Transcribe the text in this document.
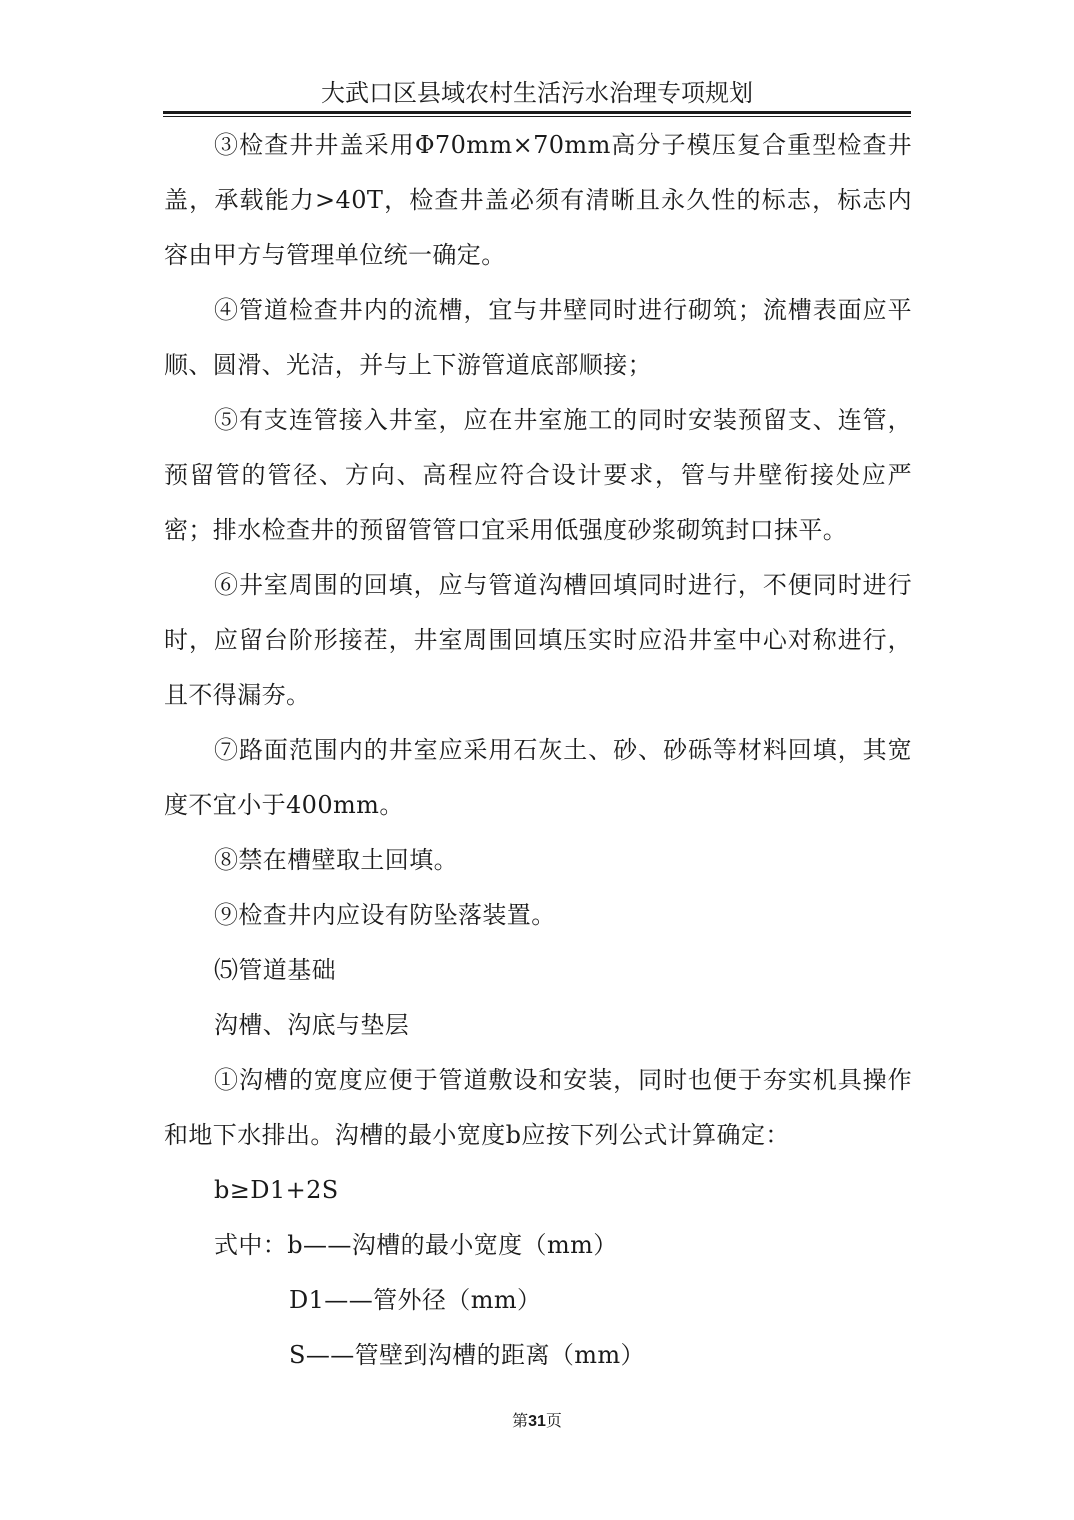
大武口区县域农村生活污水治理专项规划

③检查井井盖采用Φ70mm×70mm高分子模压复合重型检查井盖，承载能力>40T，检查井盖必须有清晰且永久性的标志，标志内容由甲方与管理单位统一确定。

④管道检查井内的流槽，宜与井壁同时进行砌筑；流槽表面应平顺、圆滑、光洁，并与上下游管道底部顺接；

⑤有支连管接入井室，应在井室施工的同时安装预留支、连管，预留管的管径、方向、高程应符合设计要求，管与井壁衔接处应严密；排水检查井的预留管管口宜采用低强度砂浆砌筑封口抹平。

⑥井室周围的回填，应与管道沟槽回填同时进行，不便同时进行时，应留台阶形接茬，井室周围回填压实时应沿井室中心对称进行，且不得漏夯。

⑦路面范围内的井室应采用石灰土、砂、砂砾等材料回填，其宽度不宜小于400mm。

⑧禁在槽壁取土回填。

⑨检查井内应设有防坠落装置。

⑸管道基础

沟槽、沟底与垫层

①沟槽的宽度应便于管道敷设和安装，同时也便于夯实机具操作和地下水排出。沟槽的最小宽度b应按下列公式计算确定：

b≥D1+2S

式中：b——沟槽的最小宽度（mm）

D1——管外径（mm）

S——管壁到沟槽的距离（mm）

第31页
